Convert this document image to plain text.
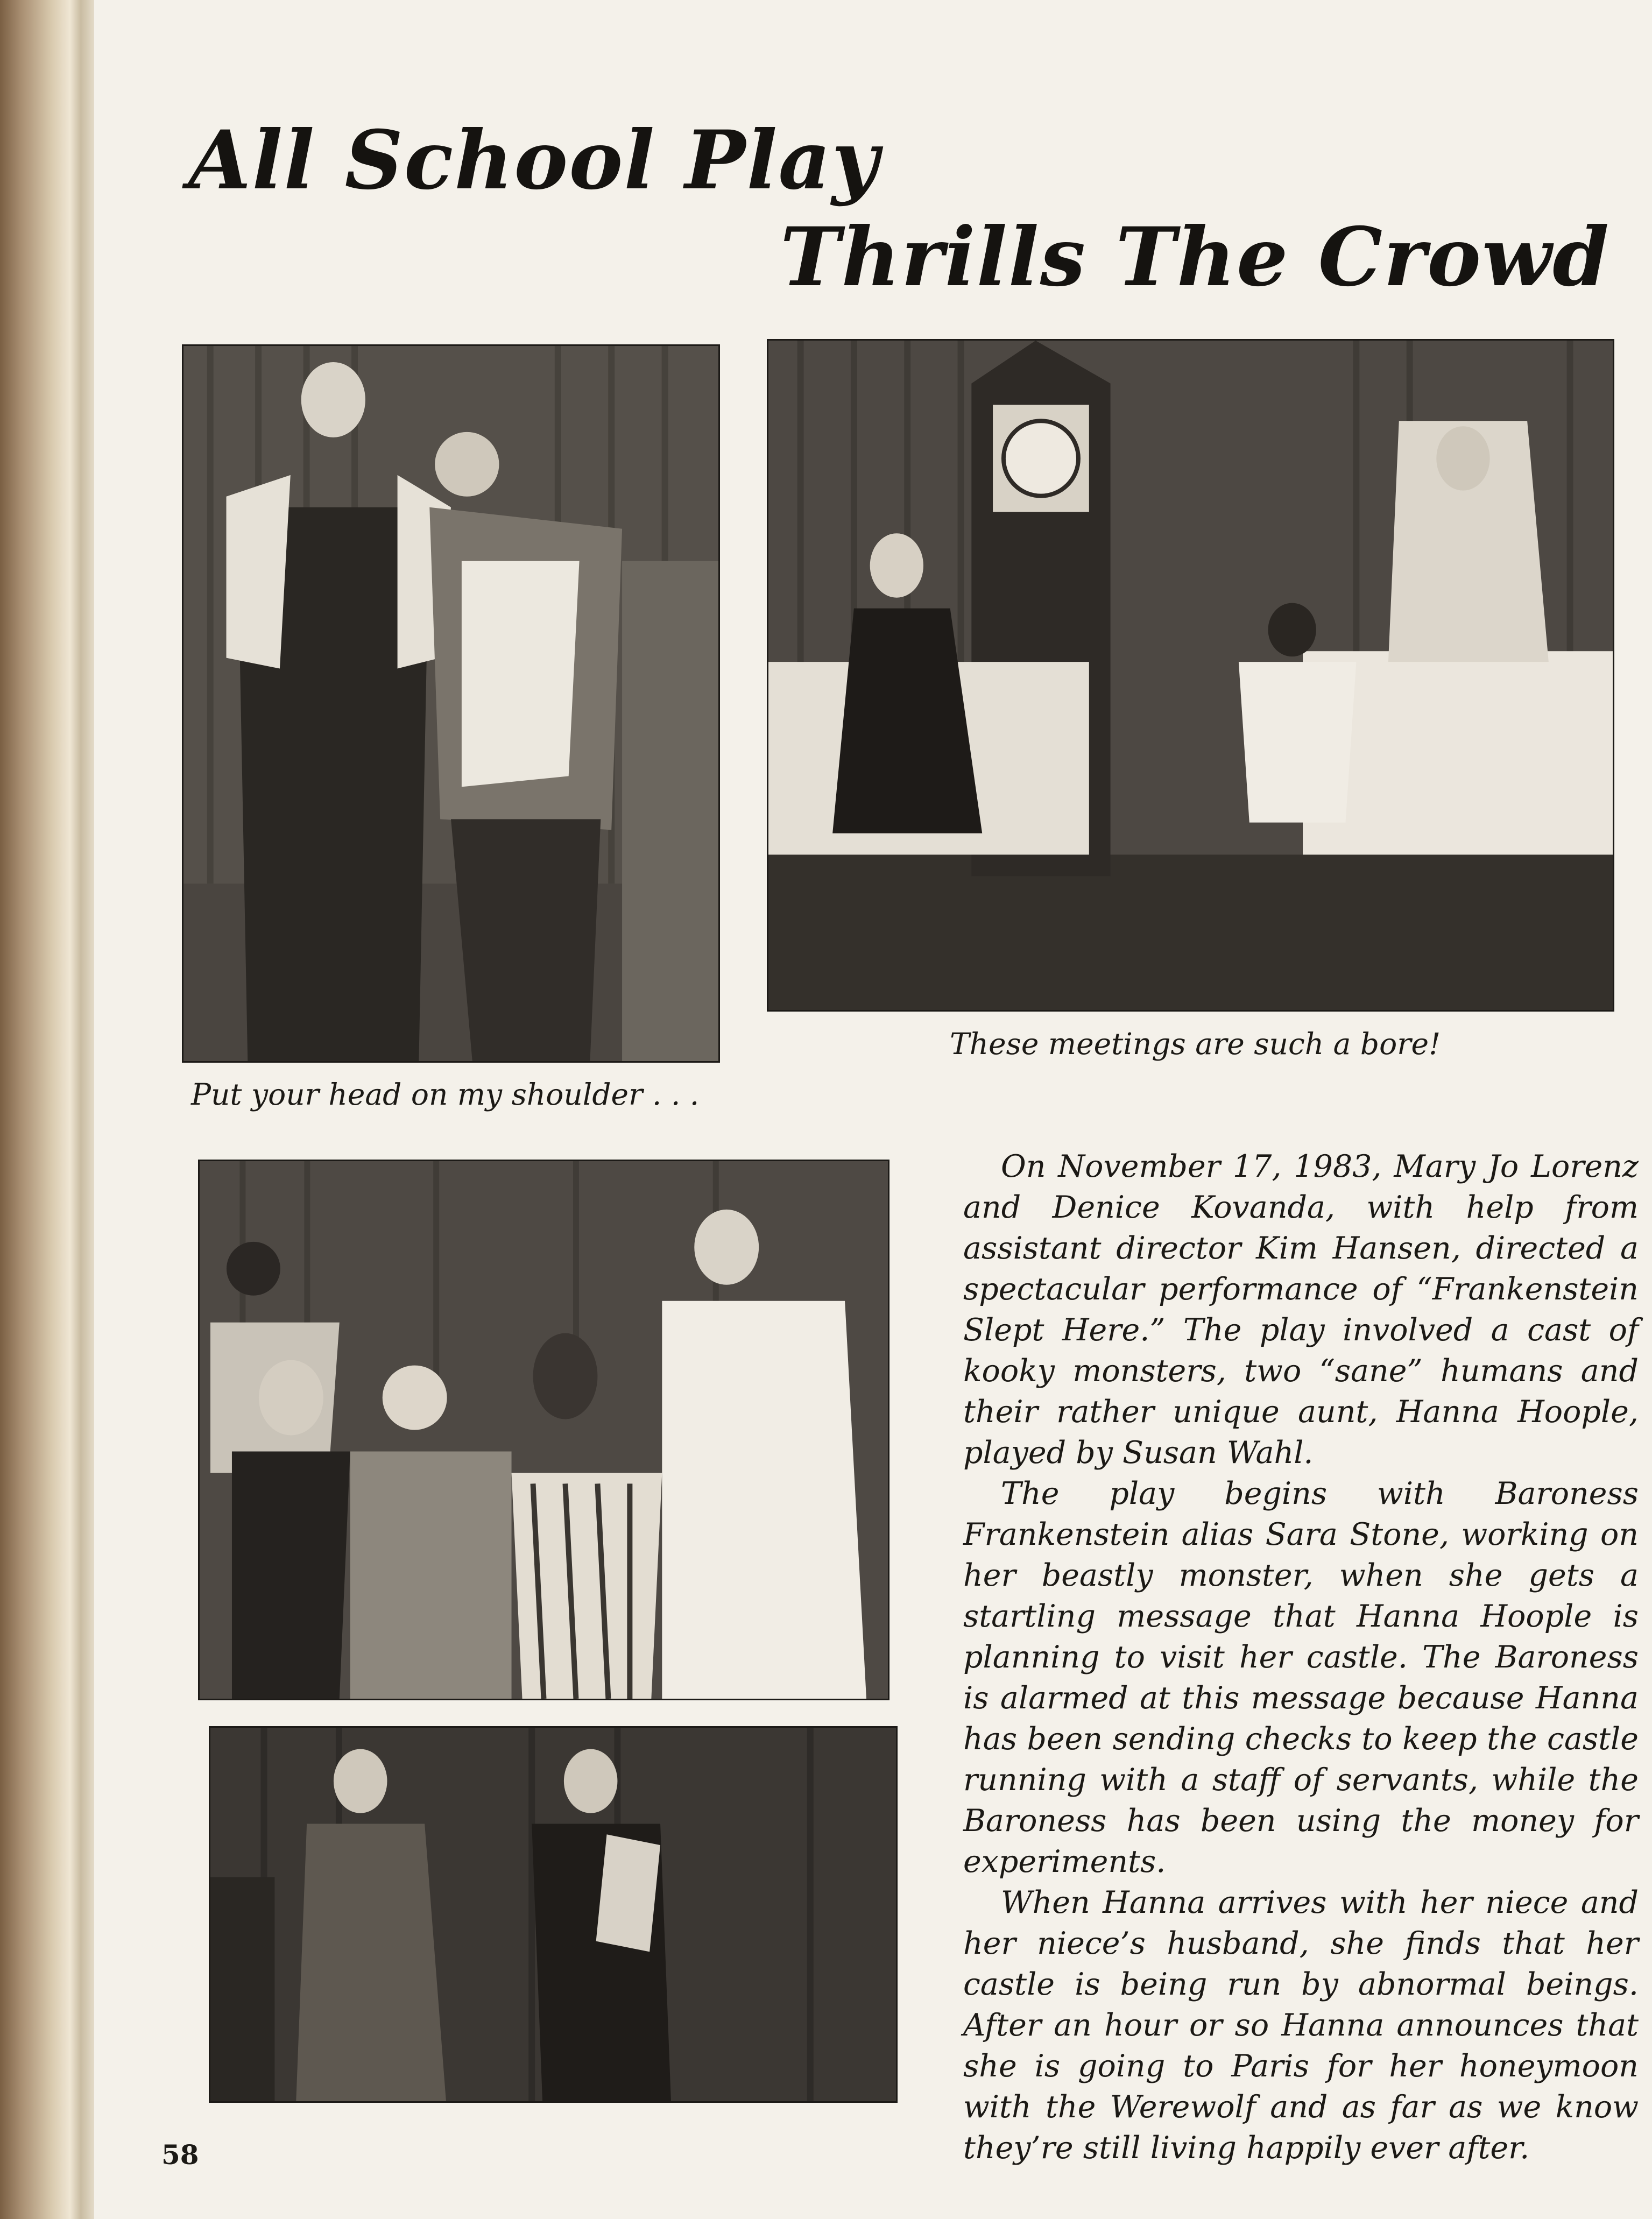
All School Play
Thrills The Crowd

Put your head on my shoulder . . .

These meetings are such a bore!

On November 17, 1983, Mary Jo Lorenz and Denice Kovanda, with help from assistant director Kim Hansen, directed a spectacular performance of “Frankenstein Slept Here.” The play involved a cast of kooky monsters, two “sane” humans and their rather unique aunt, Hanna Hoople, played by Susan Wahl.

The play begins with Baroness Frankenstein alias Sara Stone, working on her beastly monster, when she gets a startling message that Hanna Hoople is planning to visit her castle. The Baroness is alarmed at this message because Hanna has been sending checks to keep the castle running with a staff of servants, while the Baroness has been using the money for experiments.

When Hanna arrives with her niece and her niece’s husband, she finds that her castle is being run by abnormal beings. After an hour or so Hanna announces that she is going to Paris for her honeymoon with the Werewolf and as far as we know they’re still living happily ever after.

58
